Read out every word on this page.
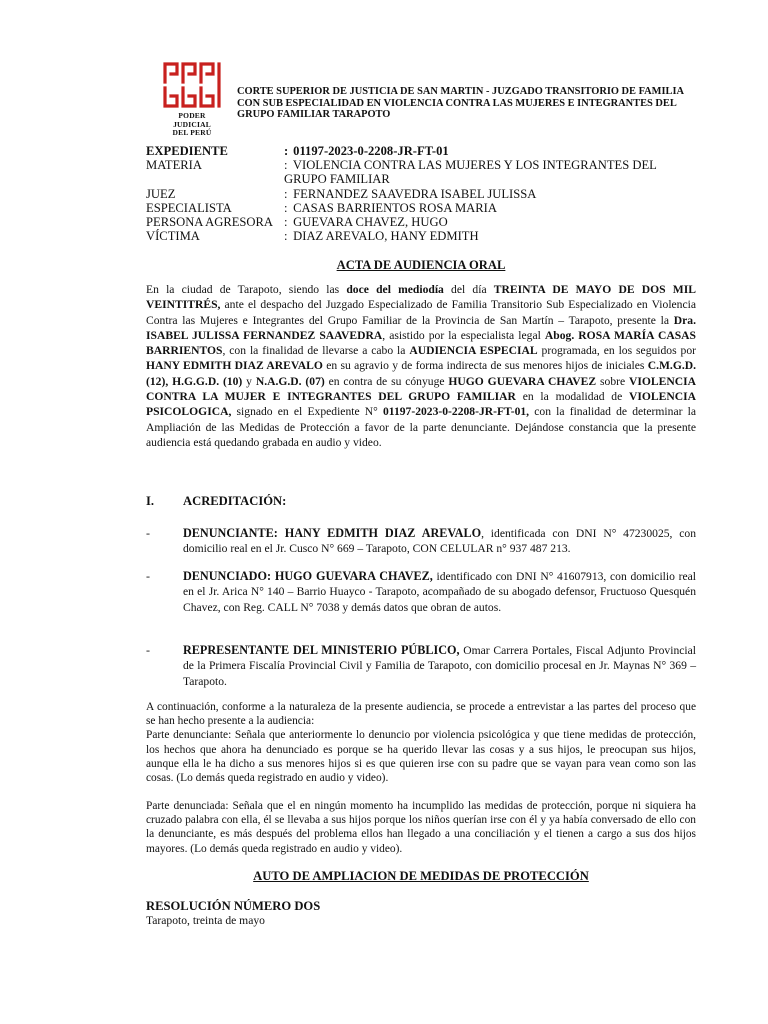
PODER
JUDICIAL
DEL PERÚ
CORTE SUPERIOR DE JUSTICIA DE SAN MARTIN - JUZGADO TRANSITORIO DE FAMILIA CON SUB ESPECIALIDAD EN VIOLENCIA CONTRA LAS MUJERES E INTEGRANTES DEL GRUPO FAMILIAR TARAPOTO
EXPEDIENTE	: 01197-2023-0-2208-JR-FT-01
MATERIA	: VIOLENCIA CONTRA LAS MUJERES Y LOS INTEGRANTES DEL
	GRUPO FAMILIAR
JUEZ	: FERNANDEZ SAAVEDRA ISABEL JULISSA
ESPECIALISTA	: CASAS BARRIENTOS ROSA MARIA
PERSONA AGRESORA	: GUEVARA CHAVEZ, HUGO
VÍCTIMA	: DIAZ AREVALO, HANY EDMITH
ACTA DE AUDIENCIA ORAL
En la ciudad de Tarapoto, siendo las doce del mediodía del día TREINTA DE MAYO DE DOS MIL VEINTITRÉS, ante el despacho del Juzgado Especializado de Familia Transitorio Sub Especializado en Violencia Contra las Mujeres e Integrantes del Grupo Familiar de la Provincia de San Martín – Tarapoto, presente la Dra. ISABEL JULISSA FERNANDEZ SAAVEDRA, asistido por la especialista legal Abog. ROSA MARÍA CASAS BARRIENTOS, con la finalidad de llevarse a cabo la AUDIENCIA ESPECIAL programada, en los seguidos por HANY EDMITH DIAZ AREVALO en su agravio y de forma indirecta de sus menores hijos de iniciales C.M.G.D. (12), H.G.G.D. (10) y N.A.G.D. (07) en contra de su cónyuge HUGO GUEVARA CHAVEZ sobre VIOLENCIA CONTRA LA MUJER E INTEGRANTES DEL GRUPO FAMILIAR en la modalidad de VIOLENCIA PSICOLOGICA, signado en el Expediente N° 01197-2023-0-2208-JR-FT-01, con la finalidad de determinar la Ampliación de las Medidas de Protección a favor de la parte denunciante. Dejándose constancia que la presente audiencia está quedando grabada en audio y video.
I. ACREDITACIÓN:
-	DENUNCIANTE: HANY EDMITH DIAZ AREVALO, identificada con DNI N° 47230025, con domicilio real en el Jr. Cusco N° 669 – Tarapoto, CON CELULAR n° 937 487 213.
-	DENUNCIADO: HUGO GUEVARA CHAVEZ, identificado con DNI N° 41607913, con domicilio real en el Jr. Arica N° 140 – Barrio Huayco - Tarapoto, acompañado de su abogado defensor, Fructuoso Quesquén Chavez, con Reg. CALL N° 7038 y demás datos que obran de autos.
-	REPRESENTANTE DEL MINISTERIO PÚBLICO, Omar Carrera Portales, Fiscal Adjunto Provincial de la Primera Fiscalía Provincial Civil y Familia de Tarapoto, con domicilio procesal en Jr. Maynas N° 369 – Tarapoto.
A continuación, conforme a la naturaleza de la presente audiencia, se procede a entrevistar a las partes del proceso que se han hecho presente a la audiencia:
Parte denunciante: Señala que anteriormente lo denuncio por violencia psicológica y que tiene medidas de protección, los hechos que ahora ha denunciado es porque se ha querido llevar las cosas y a sus hijos, le preocupan sus hijos, aunque ella le ha dicho a sus menores hijos si es que quieren irse con su padre que se vayan para vean como son las cosas. (Lo demás queda registrado en audio y video).
Parte denunciada: Señala que el en ningún momento ha incumplido las medidas de protección, porque ni siquiera ha cruzado palabra con ella, él se llevaba a sus hijos porque los niños querían irse con él y ya había conversado de ello con la denunciante, es más después del problema ellos han llegado a una conciliación y el tienen a cargo a sus dos hijos mayores. (Lo demás queda registrado en audio y video).
AUTO DE AMPLIACION DE MEDIDAS DE PROTECCIÓN
RESOLUCIÓN NÚMERO DOS
Tarapoto, treinta de mayo
